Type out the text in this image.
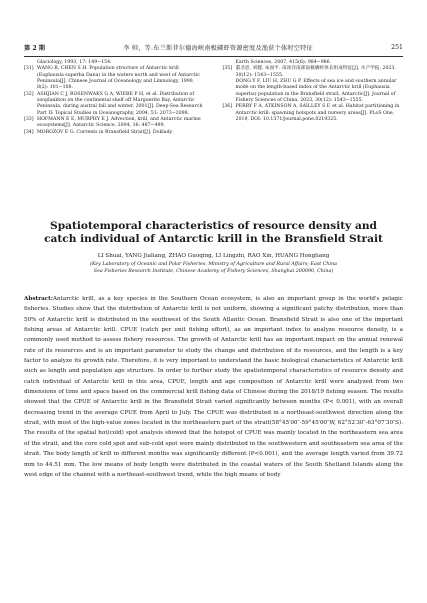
第 2 期	李 帅，等.布兰斯菲尔德海峡南极磷虾资源密度及渔获个体时空特征	251
Glaciology, 1993, 17: 149−154.
[31] WANG R, CHEN S H. Population structure of Antarctic krill (Euphausia superba Dana) in the waters north and west of Antarctic Peninsula[J]. Chinese Journal of Oceanology and Limnology, 1990, 8(2): 101−108.
[32] ASHJIAN C J, ROSENWAKS G A, WIEBE P H, et al. Distribution of zooplankton on the continental shelf off Marguerite Bay, Antarctic Peninsula, during austral fall and winter, 2001[J]. Deep-Sea Research Part II: Topical Studies in Oceanography, 2004, 51: 2073−2098.
[33] HOFMANN E E, MURPHY E J. Advection, krill, and Antarctic marine ecosystems[J]. Antarctic Science, 2004, 16: 487−499.
[34] MOROZOV E G. Currents in Bransfield Strait[J]. Doklady
Earth Sciences, 2007, 415(6): 984−986.
[35] 董圣恩, 刘健, 朱国平. 南冰洋南部南极磷虾体长组成特征[J]. 水产学报, 2023, 30(12): 1543−1555.
DONG Y F, LIU H, ZHU G P. Effects of sea ice and southern annular mode on the length-based index of the Antarctic krill (Euphausia superba) population in the Bransfield strait, Antarctic[J]. Journal of Fishery Sciences of China, 2023, 30(12): 1543−1555.
[36] PERRY F A, ATKINSON A, SAILLEY S F, et al. Habitat partitioning in Antarctic krill: spawning hotspots and nursery areas[J]. PLoS One, 2019, DOI: 10.1371/journal.pone.0219325.
Spatiotemporal characteristics of resource density and
catch individual of Antarctic krill in the Bransfield Strait
LI Shuai, YANG Jialiang, ZHAO Guoqing, LI Lingzhi, RAO Xin, HUANG Hongliang
(Key Laboratory of Oceanic and Polar Fisheries, Ministry of Agriculture and Rural Affairs; East China
Sea Fisheries Research Institute, Chinese Academy of Fishery Sciences, Shanghai 200090, China)
Abstract:Antarctic krill, as a key species in the Southern Ocean ecosystem, is also an important group in the world's pelagic fisheries. Studies show that the distribution of Antarctic krill is not uniform, showing a significant patchy distribution, more than 50% of Antarctic krill is distributed in the southwest of the South Atlantic Ocean. Bransfield Strait is also one of the important fishing areas of Antarctic krill. CPUE (catch per unit fishing effort), as an important index to analyze resource density, is a commonly used method to assess fishery resources. The growth of Antarctic krill has an important impact on the annual renewal rate of its resources and is an important parameter to study the change and distribution of its resources, and the length is a key factor to analyze its growth rate. Therefore, it is very important to understand the basic biological characteristics of Antarctic krill such as length and population age structure. In order to further study the spatiotemporal characteristics of resource density and catch individual of Antarctic krill in this area, CPUE, length and age composition of Antarctic krill were analyzed from two dimensions of time and space based on the commercial krill fishing data of Chinese during the 2018/19 fishing season. The results showed that the CPUE of Antarctic krill in the Bransfield Strait varied significantly between months (P< 0.001), with an overall decreasing trend in the average CPUE from April to July. The CPUE was distributed in a northeast-southwest direction along the strait, with most of the high-value zones located in the northeastern part of the strait(58°45′00″-59°45′00″W, 62°52′30″-63°07′30″S). The results of the spatial hot(cold) spot analysis showed that the hotspot of CPUE was mainly located in the northeastern sea area of the strait, and the core cold spot and sub-cold spot were mainly distributed in the southwestern and southeastern sea area of the strait. The body length of krill in different months was significantly different (P<0.001), and the average length varied from 39.72 mm to 44.51 mm. The low means of body length were distributed in the coastal waters of the South Shetland Islands along the west edge of the channel with a northeast-southwest trend, while the high means of body
